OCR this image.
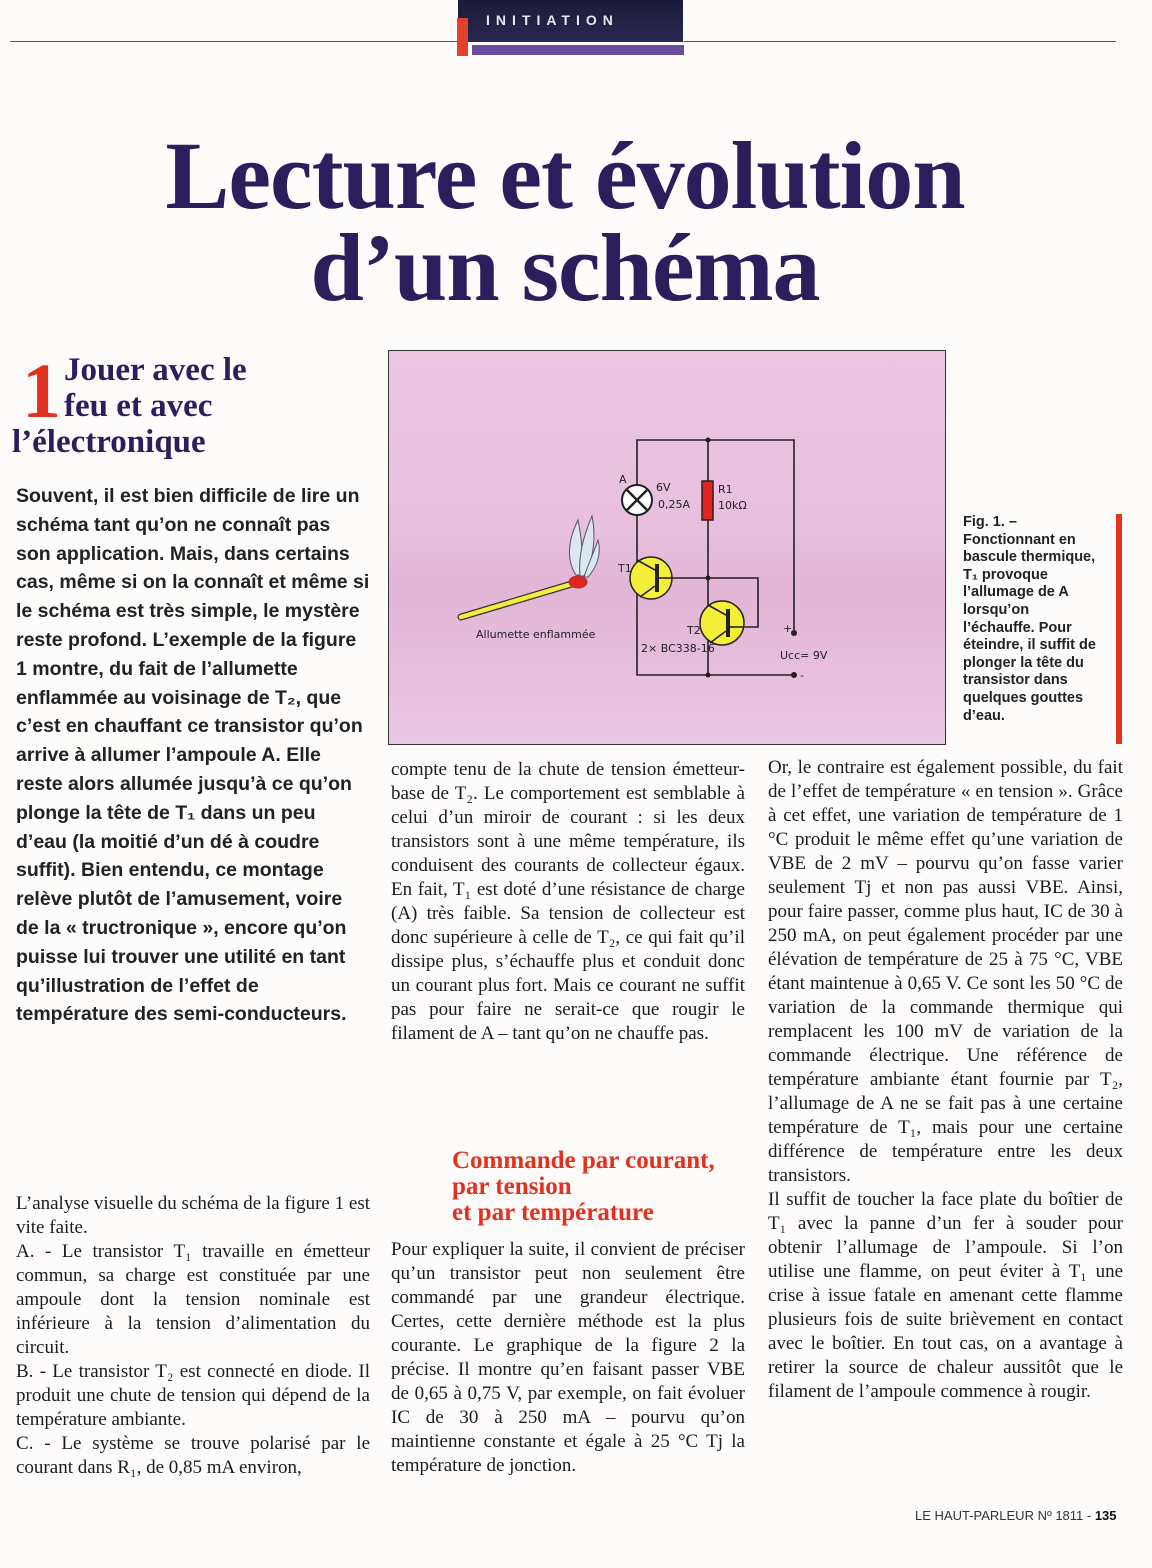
INITIATION
Lecture et évolution
d’un schéma
1 Jouer avec le
feu et avec
l’électronique
Souvent, il est bien difficile de lire un schéma tant qu’on ne connaît pas son application. Mais, dans certains cas, même si on la connaît et même si le schéma est très simple, le mystère reste profond. L’exemple de la figure 1 montre, du fait de l’allumette enflammée au voisinage de T₂, que c’est en chauffant ce transistor qu’on arrive à allumer l’ampoule A. Elle reste alors allumée jusqu’à ce qu’on plonge la tête de T₁ dans un peu d’eau (la moitié d’un dé à coudre suffit). Bien entendu, ce montage relève plutôt de l’amusement, voire de la « tructronique », encore qu’on puisse lui trouver une utilité en tant qu’illustration de l’effet de température des semi-conducteurs.
Allumette enflammée
A
6V
0,25A
R1
10kΩ
T1
T2
2× BC338-16
+
-
Ucc= 9V
Fig. 1. – Fonctionnant en bascule thermique, T₁ provoque l’allumage de A lorsqu’on l’échauffe. Pour éteindre, il suffit de plonger la tête du transistor dans quelques gouttes d’eau.

L’analyse visuelle du schéma de la figure 1 est vite faite.

A. - Le transistor T₁ travaille en émetteur commun, sa charge est constituée par une ampoule dont la tension nominale est inférieure à la tension d’alimentation du circuit.

B. - Le transistor T₂ est connecté en diode. Il produit une chute de tension qui dépend de la température ambiante.

C. - Le système se trouve polarisé par le courant dans R₁, de 0,85 mA environ,

compte tenu de la chute de tension émetteur-base de T₂. Le comportement est semblable à celui d’un miroir de courant : si les deux transistors sont à une même température, ils conduisent des courants de collecteur égaux. En fait, T₁ est doté d’une résistance de charge (A) très faible. Sa tension de collecteur est donc supérieure à celle de T₂, ce qui fait qu’il dissipe plus, s’échauffe plus et conduit donc un courant plus fort. Mais ce courant ne suffit pas pour faire ne serait-ce que rougir le filament de A – tant qu’on ne chauffe pas.

Commande par courant,
par tension
et par température

Pour expliquer la suite, il convient de préciser qu’un transistor peut non seulement être commandé par une grandeur électrique. Certes, cette dernière méthode est la plus courante. Le graphique de la figure 2 la précise. Il montre qu’en faisant passer VBE de 0,65 à 0,75 V, par exemple, on fait évoluer IC de 30 à 250 mA – pourvu qu’on maintienne constante et égale à 25 °C Tj la température de jonction.

Or, le contraire est également possible, du fait de l’effet de température « en tension ». Grâce à cet effet, une variation de température de 1 °C produit le même effet qu’une variation de VBE de 2 mV – pourvu qu’on fasse varier seulement Tj et non pas aussi VBE. Ainsi, pour faire passer, comme plus haut, IC de 30 à 250 mA, on peut également procéder par une élévation de température de 25 à 75 °C, VBE étant maintenue à 0,65 V. Ce sont les 50 °C de variation de la commande thermique qui remplacent les 100 mV de variation de la commande électrique. Une référence de température ambiante étant fournie par T₂, l’allumage de A ne se fait pas à une certaine température de T₁, mais pour une certaine différence de température entre les deux transistors.

Il suffit de toucher la face plate du boîtier de T₁ avec la panne d’un fer à souder pour obtenir l’allumage de l’ampoule. Si l’on utilise une flamme, on peut éviter à T₁ une crise à issue fatale en amenant cette flamme plusieurs fois de suite brièvement en contact avec le boîtier. En tout cas, on a avantage à retirer la source de chaleur aussitôt que le filament de l’ampoule commence à rougir.

LE HAUT-PARLEUR Nº 1811 - 135
